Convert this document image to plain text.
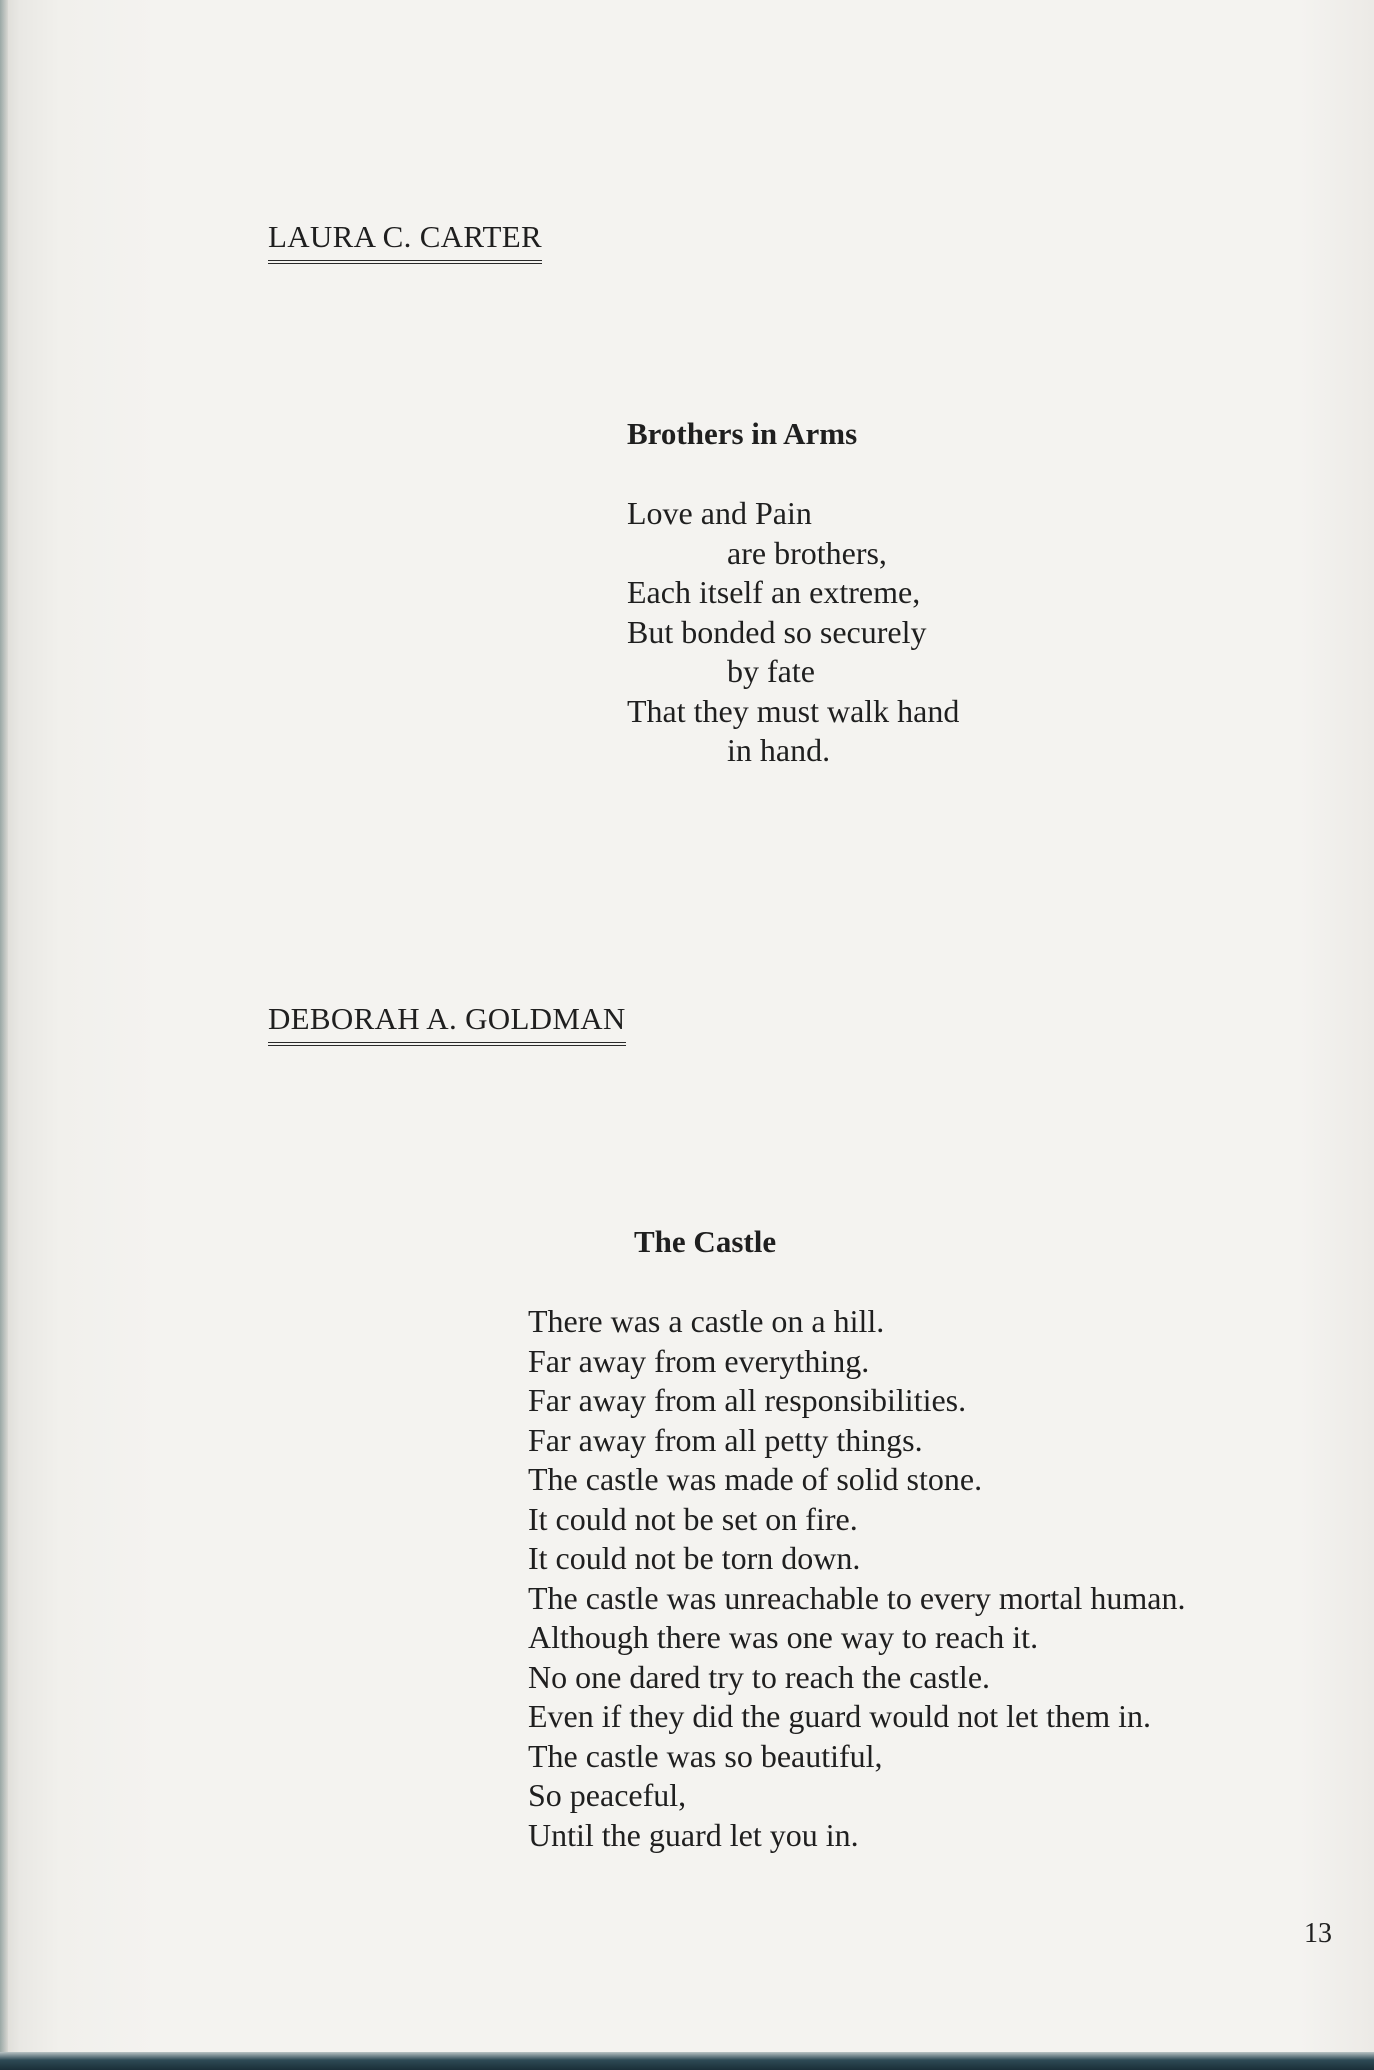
LAURA C. CARTER
Brothers in Arms
Love and Pain
are brothers,
Each itself an extreme,
But bonded so securely
by fate
That they must walk hand
in hand.
DEBORAH A. GOLDMAN
The Castle
There was a castle on a hill.
Far away from everything.
Far away from all responsibilities.
Far away from all petty things.
The castle was made of solid stone.
It could not be set on fire.
It could not be torn down.
The castle was unreachable to every mortal human.
Although there was one way to reach it.
No one dared try to reach the castle.
Even if they did the guard would not let them in.
The castle was so beautiful,
So peaceful,
Until the guard let you in.
13
